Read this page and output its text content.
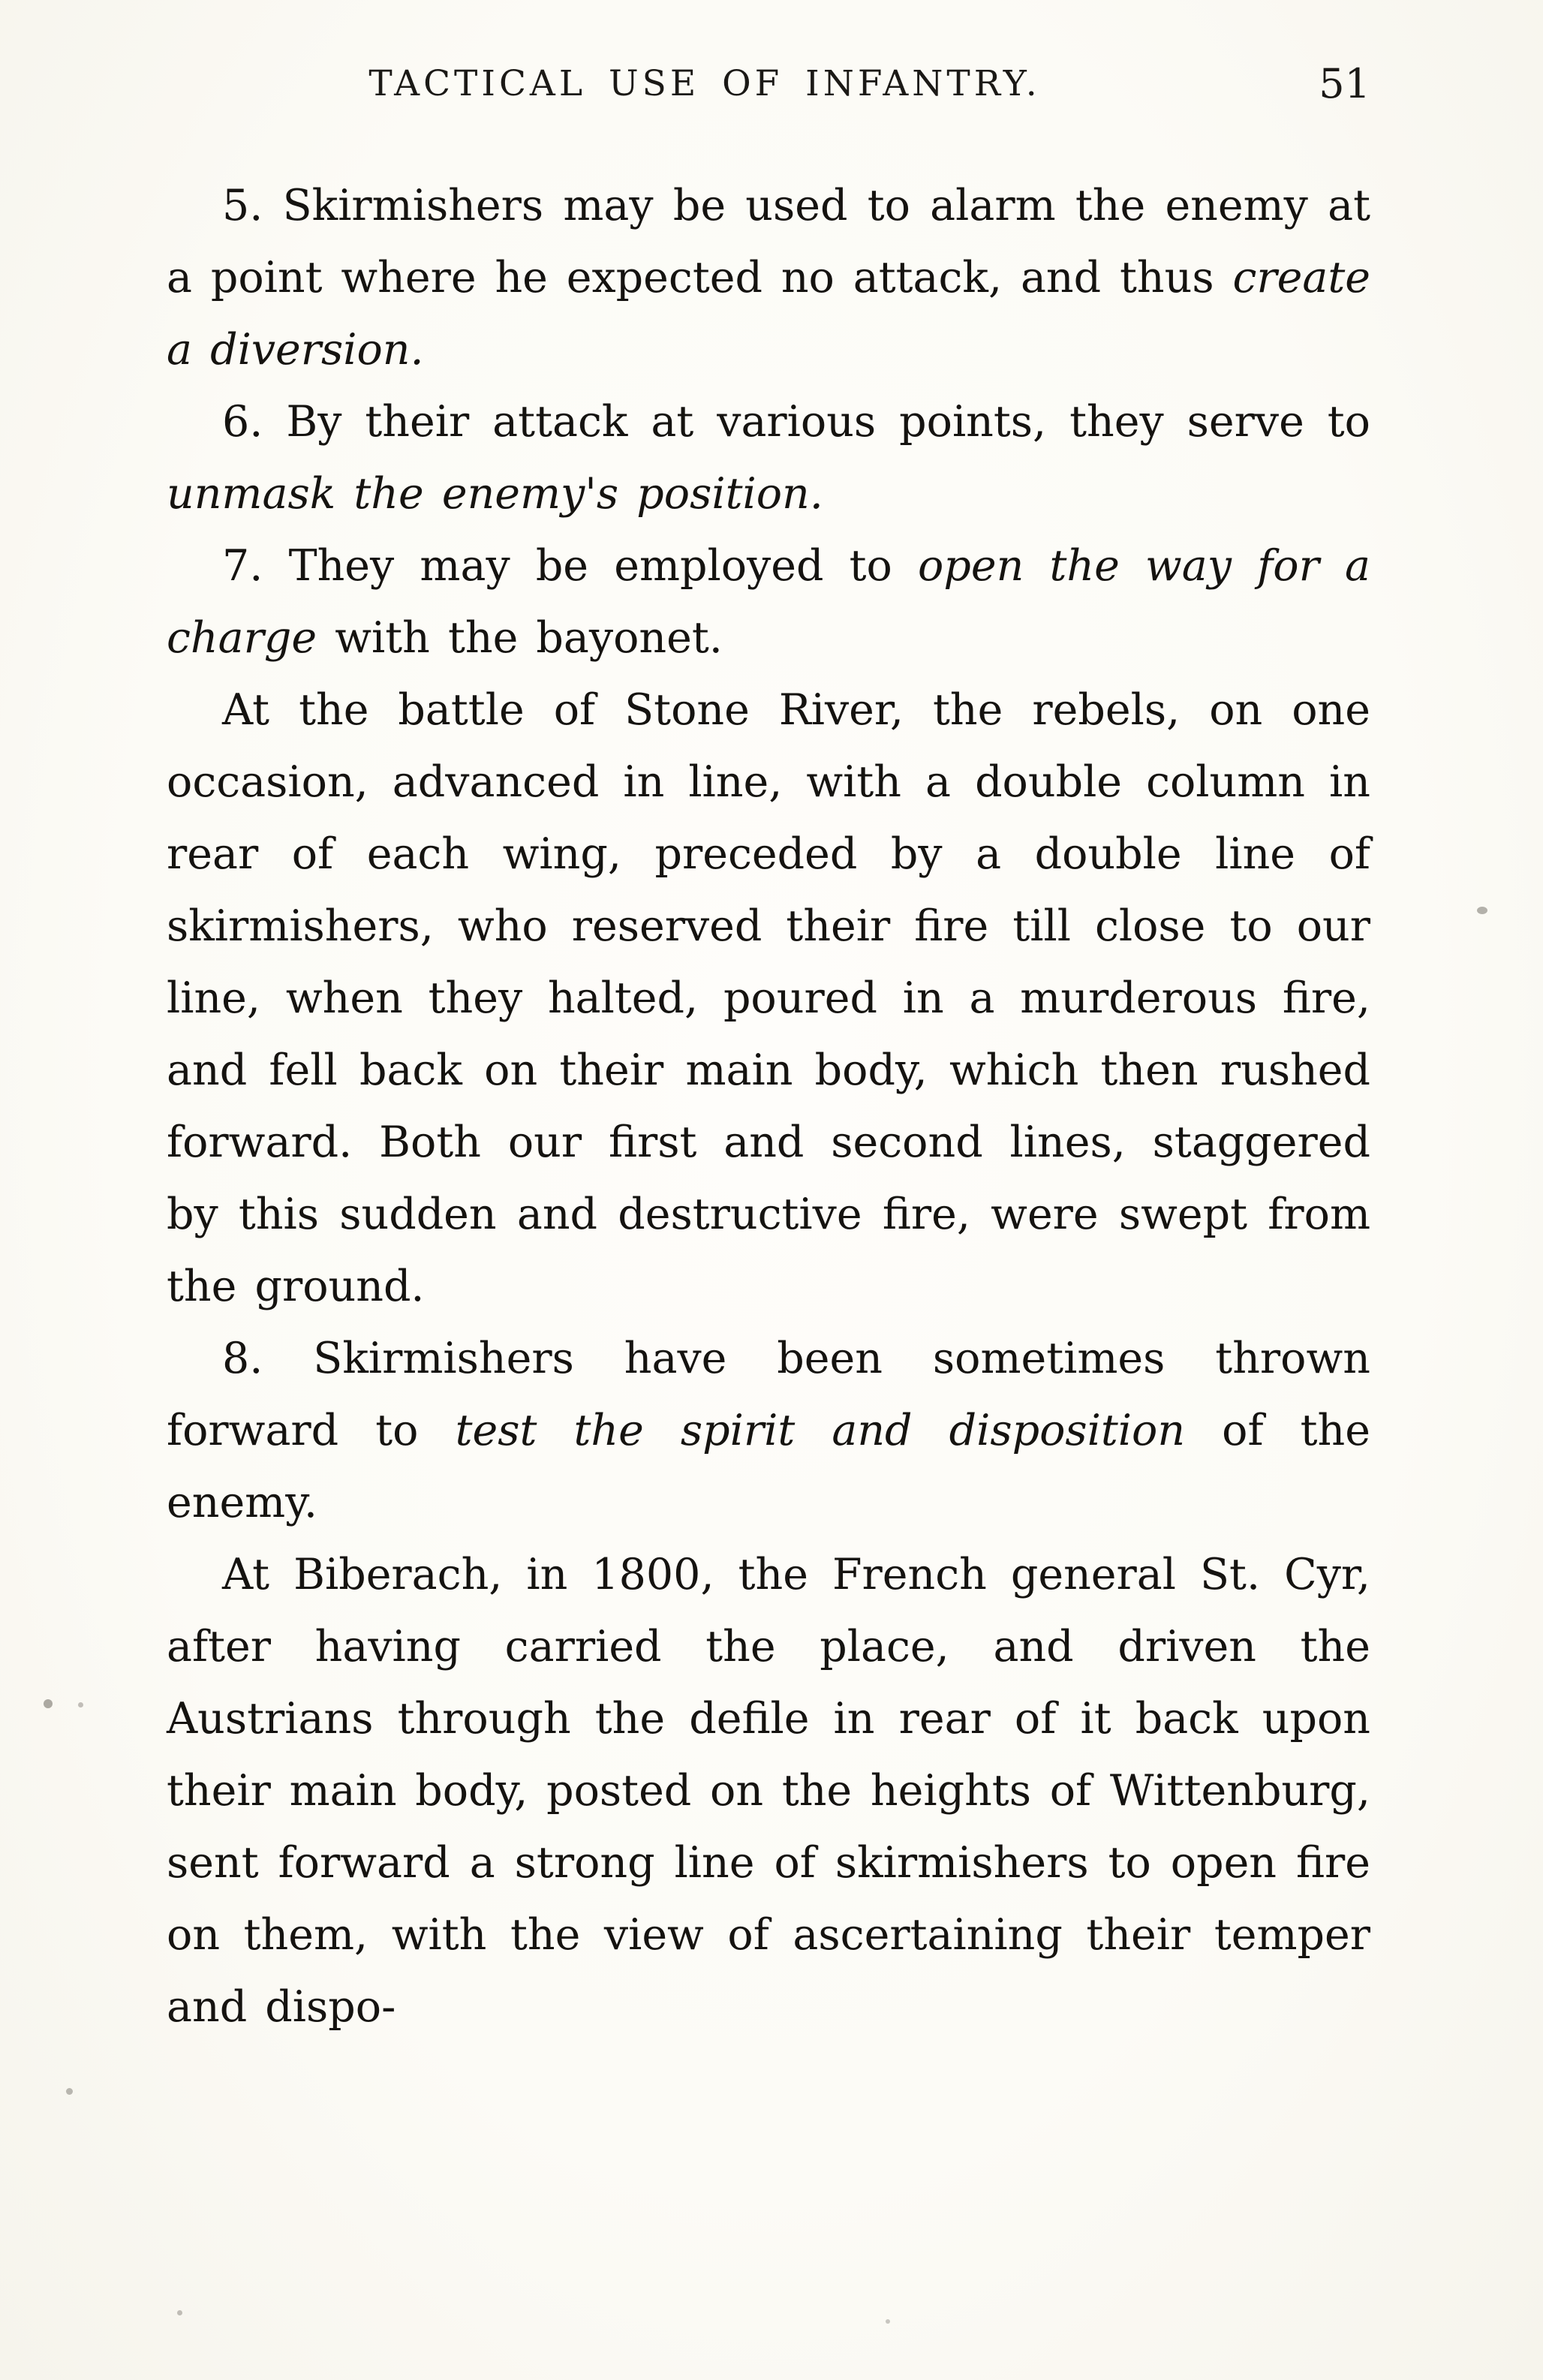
TACTICAL USE OF INFANTRY.	51

5. Skirmishers may be used to alarm the enemy at a point where he expected no attack, and thus create a diversion.

6. By their attack at various points, they serve to unmask the enemy's position.

7. They may be employed to open the way for a charge with the bayonet.

At the battle of Stone River, the rebels, on one occasion, advanced in line, with a double column in rear of each wing, preceded by a double line of skirmishers, who reserved their fire till close to our line, when they halted, poured in a murderous fire, and fell back on their main body, which then rushed forward. Both our first and second lines, staggered by this sudden and destructive fire, were swept from the ground.

8. Skirmishers have been sometimes thrown forward to test the spirit and disposition of the enemy.

At Biberach, in 1800, the French general St. Cyr, after having carried the place, and driven the Austrians through the defile in rear of it back upon their main body, posted on the heights of Wittenburg, sent forward a strong line of skirmishers to open fire on them, with the view of ascertaining their temper and dispo-
